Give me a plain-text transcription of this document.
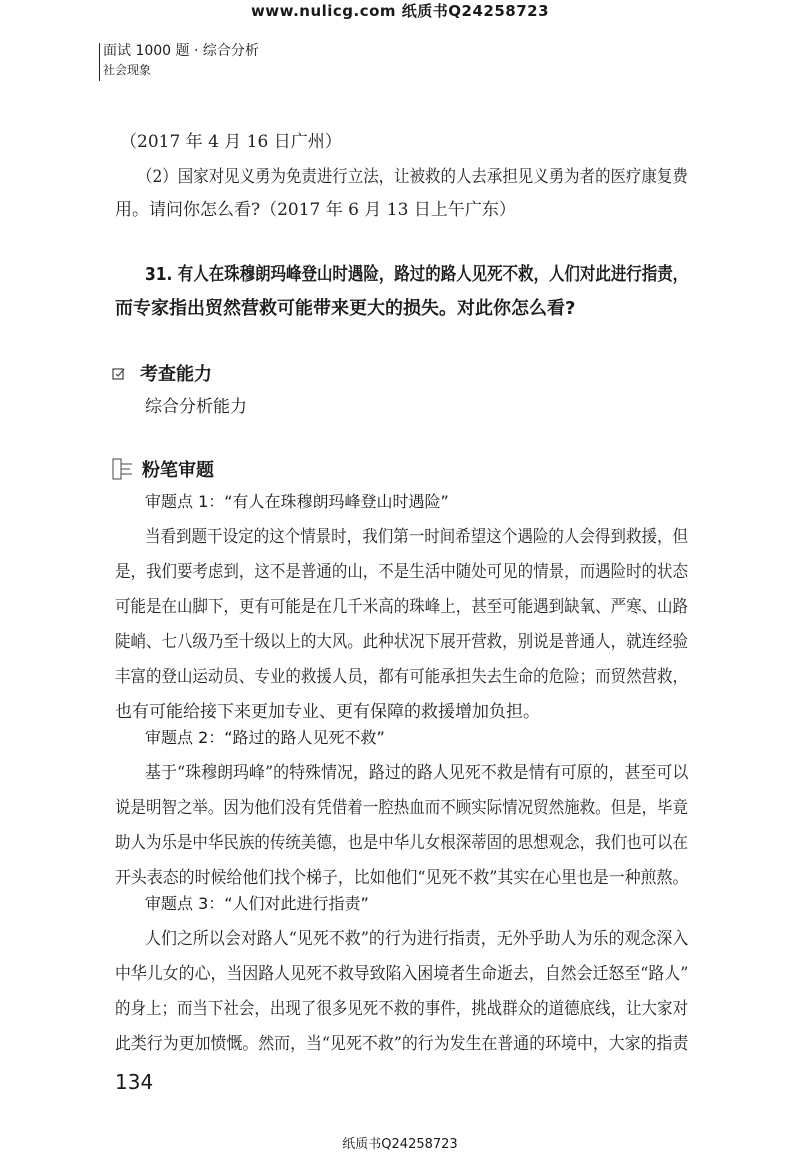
www.nulicg.com 纸质书Q24258723
面试 1000 题 · 综合分析
社会现象
（2017 年 4 月 16 日广州）
（2）国家对见义勇为免责进行立法，让被救的人去承担见义勇为者的医疗康复费
用。请问你怎么看?（2017 年 6 月 13 日上午广东）
31. 有人在珠穆朗玛峰登山时遇险，路过的路人见死不救，人们对此进行指责，
而专家指出贸然营救可能带来更大的损失。对此你怎么看?
考查能力
综合分析能力
粉笔审题
审题点 1：“有人在珠穆朗玛峰登山时遇险”
当看到题干设定的这个情景时，我们第一时间希望这个遇险的人会得到救援，但
是，我们要考虑到，这不是普通的山，不是生活中随处可见的情景，而遇险时的状态
可能是在山脚下，更有可能是在几千米高的珠峰上，甚至可能遇到缺氧、严寒、山路
陡峭、七八级乃至十级以上的大风。此种状况下展开营救，别说是普通人，就连经验
丰富的登山运动员、专业的救援人员，都有可能承担失去生命的危险；而贸然营救，
也有可能给接下来更加专业、更有保障的救援增加负担。
审题点 2：“路过的路人见死不救”
基于“珠穆朗玛峰”的特殊情况，路过的路人见死不救是情有可原的，甚至可以
说是明智之举。因为他们没有凭借着一腔热血而不顾实际情况贸然施救。但是，毕竟
助人为乐是中华民族的传统美德，也是中华儿女根深蒂固的思想观念，我们也可以在
开头表态的时候给他们找个梯子，比如他们“见死不救”其实在心里也是一种煎熬。
审题点 3：“人们对此进行指责”
人们之所以会对路人“见死不救”的行为进行指责，无外乎助人为乐的观念深入
中华儿女的心，当因路人见死不救导致陷入困境者生命逝去，自然会迁怒至“路人”
的身上；而当下社会，出现了很多见死不救的事件，挑战群众的道德底线，让大家对
此类行为更加愤慨。然而，当“见死不救”的行为发生在普通的环境中，大家的指责
134
纸质书Q24258723
